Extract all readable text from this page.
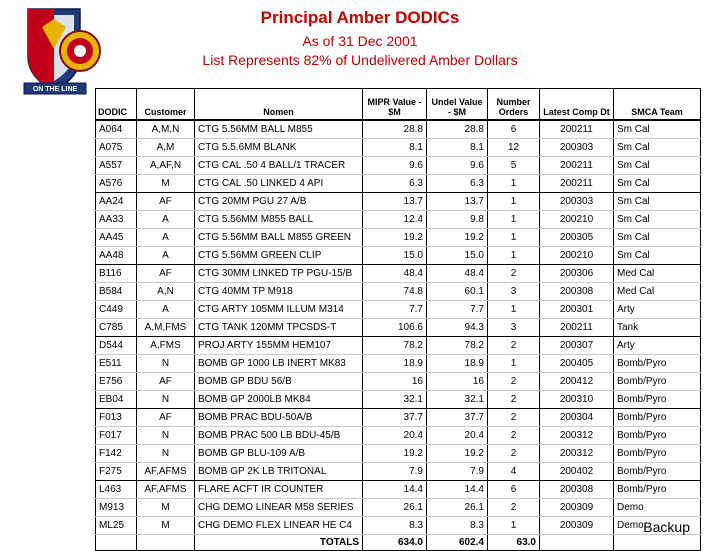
ON THE LINE
Principal Amber DODICs
As of 31 Dec 2001
List Represents 82% of Undelivered Amber Dollars
DODIC	Customer	Nomen	MIPR Value - $M	Undel Value - $M	Number Orders	Latest Comp Dt	SMCA Team
A064	A,M,N	CTG 5.56MM BALL M855	28.8	28.8	6	200211	Sm Cal
A075	A,M	CTG 5.5.6MM BLANK	8.1	8.1	12	200303	Sm Cal
A557	A,AF,N	CTG CAL .50 4 BALL/1 TRACER	9.6	9.6	5	200211	Sm Cal
A576	M	CTG CAL .50 LINKED 4 API	6.3	6.3	1	200211	Sm Cal
AA24	AF	CTG 20MM PGU 27 A/B	13.7	13.7	1	200303	Sm Cal
AA33	A	CTG 5.56MM M855 BALL	12.4	9.8	1	200210	Sm Cal
AA45	A	CTG 5.56MM BALL M855 GREEN	19.2	19.2	1	200305	Sm Cal
AA48	A	CTG 5.56MM GREEN CLIP	15.0	15.0	1	200210	Sm Cal
B116	AF	CTG 30MM LINKED TP PGU-15/B	48.4	48.4	2	200306	Med Cal
B584	A,N	CTG 40MM TP M918	74.8	60.1	3	200308	Med Cal
C449	A	CTG ARTY 105MM ILLUM M314	7.7	7.7	1	200301	Arty
C785	A,M,FMS	CTG TANK 120MM TPCSDS-T	106.6	94.3	3	200211	Tank
D544	A,FMS	PROJ ARTY 155MM HEM107	78.2	78.2	2	200307	Arty
E511	N	BOMB GP 1000 LB INERT MK83	18.9	18.9	1	200405	Bomb/Pyro
E756	AF	BOMB GP BDU 56/B	16	16	2	200412	Bomb/Pyro
EB04	N	BOMB GP 2000LB MK84	32.1	32.1	2	200310	Bomb/Pyro
F013	AF	BOMB PRAC BDU-50A/B	37.7	37.7	2	200304	Bomb/Pyro
F017	N	BOMB PRAC 500 LB BDU-45/B	20.4	20.4	2	200312	Bomb/Pyro
F142	N	BOMB GP BLU-109 A/B	19.2	19.2	2	200312	Bomb/Pyro
F275	AF,AFMS	BOMB GP 2K LB TRITONAL	7.9	7.9	4	200402	Bomb/Pyro
L463	AF,AFMS	FLARE ACFT IR COUNTER	14.4	14.4	6	200308	Bomb/Pyro
M913	M	CHG DEMO LINEAR M58 SERIES	26.1	26.1	2	200309	Demo
ML25	M	CHG DEMO FLEX LINEAR HE C4	8.3	8.3	1	200309	Demo
		TOTALS	634.0	602.4	63.0		
Backup
